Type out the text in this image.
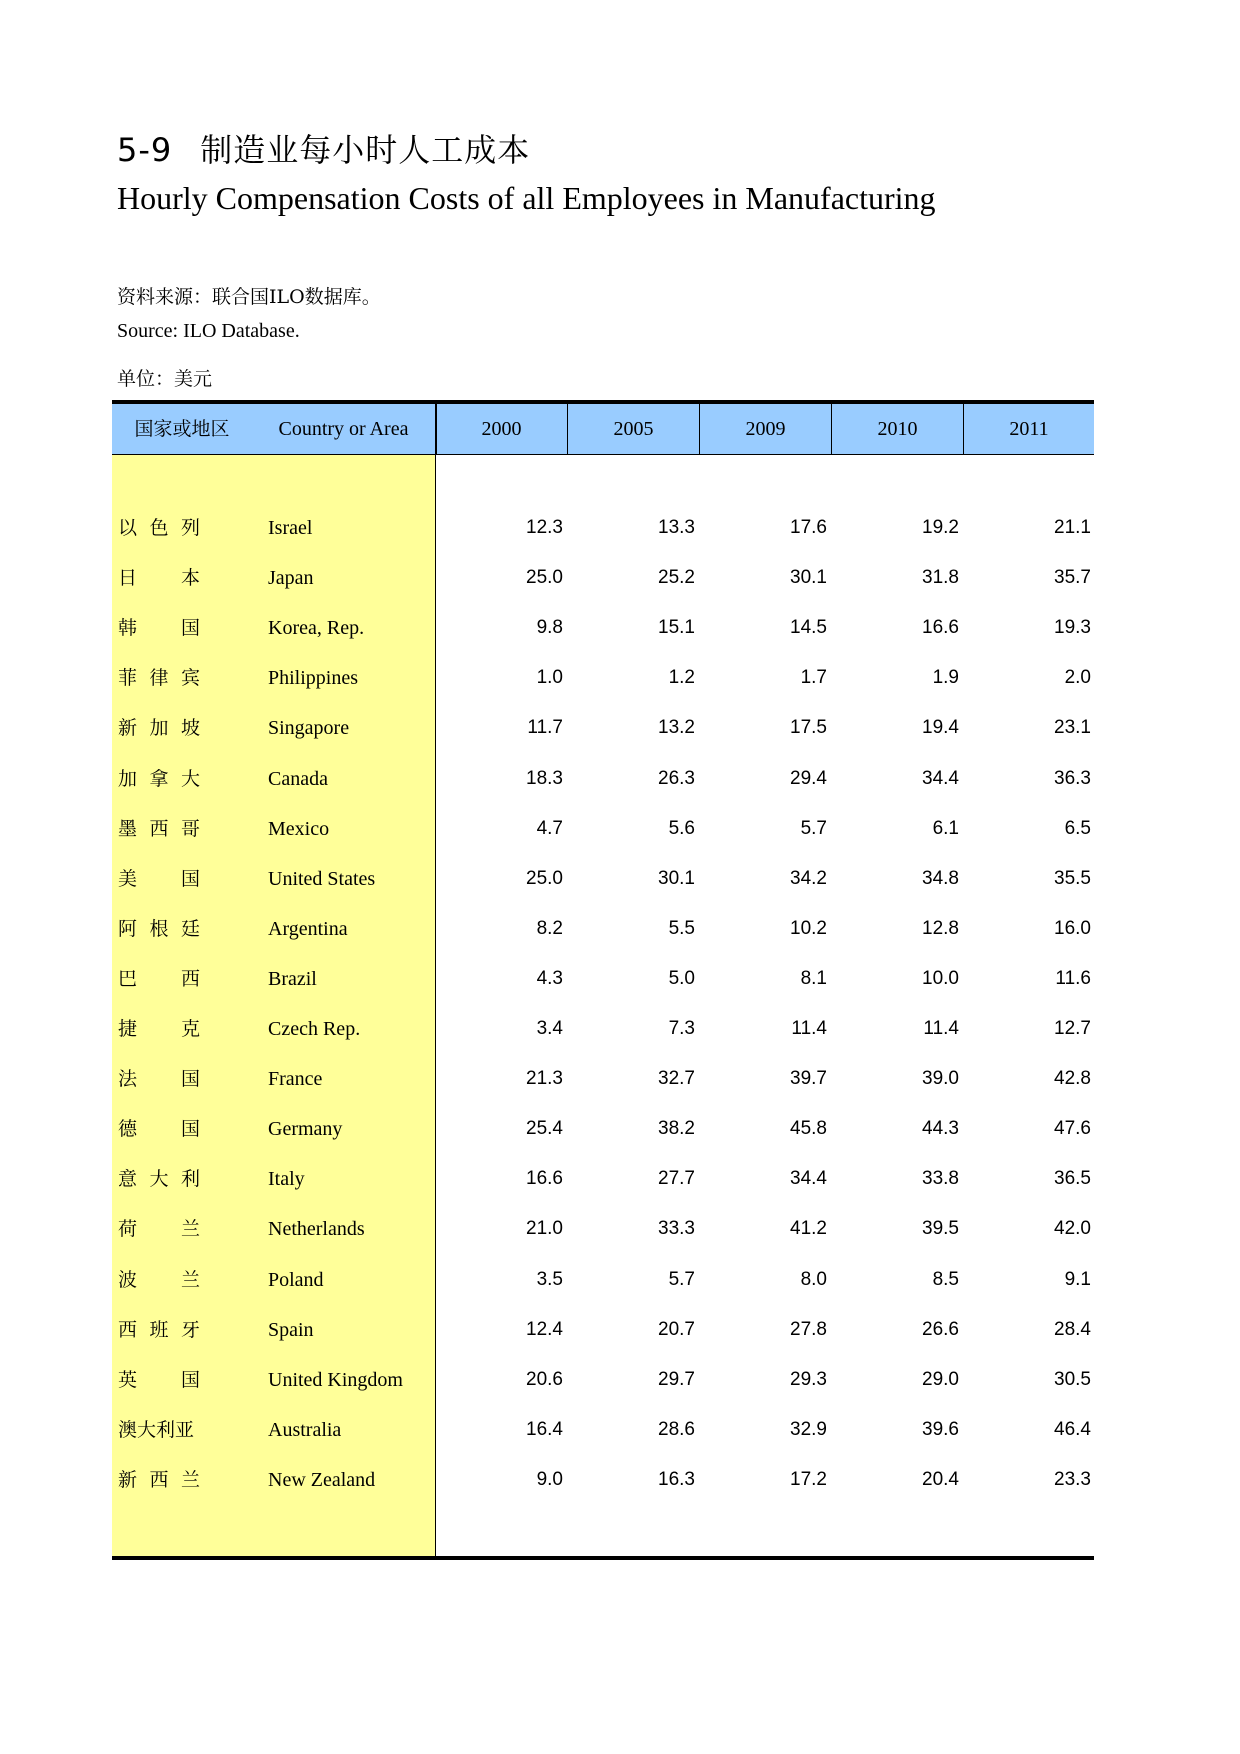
5-9 制造业每小时人工成本
Hourly Compensation Costs of all Employees in Manufacturing
资料来源：联合国ILO数据库。
Source: ILO Database.
单位：美元
国家或地区	Country or Area	2000	2005	2009	2010	2011
以色列	Israel	12.3	13.3	17.6	19.2	21.1
日本	Japan	25.0	25.2	30.1	31.8	35.7
韩国	Korea, Rep.	9.8	15.1	14.5	16.6	19.3
菲律宾	Philippines	1.0	1.2	1.7	1.9	2.0
新加坡	Singapore	11.7	13.2	17.5	19.4	23.1
加拿大	Canada	18.3	26.3	29.4	34.4	36.3
墨西哥	Mexico	4.7	5.6	5.7	6.1	6.5
美国	United States	25.0	30.1	34.2	34.8	35.5
阿根廷	Argentina	8.2	5.5	10.2	12.8	16.0
巴西	Brazil	4.3	5.0	8.1	10.0	11.6
捷克	Czech Rep.	3.4	7.3	11.4	11.4	12.7
法国	France	21.3	32.7	39.7	39.0	42.8
德国	Germany	25.4	38.2	45.8	44.3	47.6
意大利	Italy	16.6	27.7	34.4	33.8	36.5
荷兰	Netherlands	21.0	33.3	41.2	39.5	42.0
波兰	Poland	3.5	5.7	8.0	8.5	9.1
西班牙	Spain	12.4	20.7	27.8	26.6	28.4
英国	United Kingdom	20.6	29.7	29.3	29.0	30.5
澳大利亚	Australia	16.4	28.6	32.9	39.6	46.4
新西兰	New Zealand	9.0	16.3	17.2	20.4	23.3
